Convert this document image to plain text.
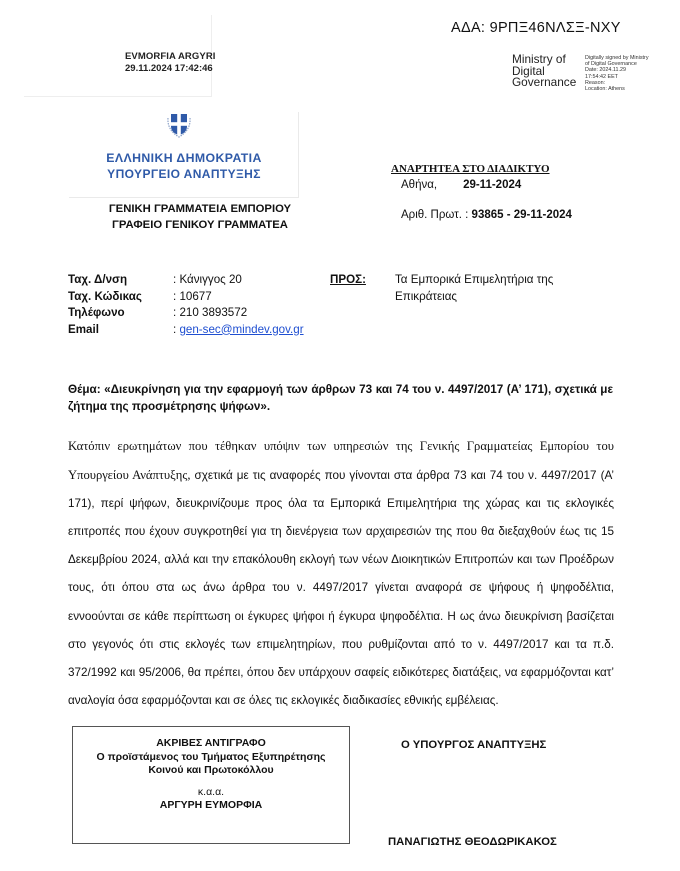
EVMORFIA ARGYRI
29.11.2024 17:42:46
ΑΔΑ: 9ΡΠΞ46ΝΛΣΞ-ΝΧΥ
Ministry of
Digital
Governance
Digitally signed by Ministry
of Digital Governance
Date: 2024.11.29
17:54:42 EET
Reason:
Location: Athens
ΕΛΛΗΝΙΚΗ ΔΗΜΟΚΡΑΤΙΑ
ΥΠΟΥΡΓΕΙΟ ΑΝΑΠΤΥΞΗΣ
ΓΕΝΙΚΗ ΓΡΑΜΜΑΤΕΙΑ ΕΜΠΟΡΙΟΥ
ΓΡΑΦΕΙΟ ΓΕΝΙΚΟΥ ΓΡΑΜΜΑΤΕΑ
ΑΝΑΡΤΗΤΕΑ ΣΤΟ ΔΙΑΔΙΚΤΥΟ
Αθήνα, 29-11-2024
Αριθ. Πρωτ. : 93865 - 29-11-2024
Ταχ. Δ/νση	: Κάνιγγος 20
Ταχ. Κώδικας	: 10677
Τηλέφωνο	: 210 3893572
Email	: gen-sec@mindev.gov.gr
ΠΡΟΣ:	Τα Εμπορικά Επιμελητήρια της Επικράτειας
Θέμα: «Διευκρίνηση για την εφαρμογή των άρθρων 73 και 74 του ν. 4497/2017 (Α’ 171), σχετικά με ζήτημα της προσμέτρησης ψήφων».
Κατόπιν ερωτημάτων που τέθηκαν υπόψιν των υπηρεσιών της Γενικής Γραμματείας Εμπορίου του Υπουργείου Ανάπτυξης, σχετικά με τις αναφορές που γίνονται στα άρθρα 73 και 74 του ν. 4497/2017 (Α’ 171), περί ψήφων, διευκρινίζουμε προς όλα τα Εμπορικά Επιμελητήρια της χώρας και τις εκλογικές επιτροπές που έχουν συγκροτηθεί για τη διενέργεια των αρχαιρεσιών της που θα διεξαχθούν έως τις 15 Δεκεμβρίου 2024, αλλά και την επακόλουθη εκλογή των νέων Διοικητικών Επιτροπών και των Προέδρων τους, ότι όπου στα ως άνω άρθρα του ν. 4497/2017 γίνεται αναφορά σε ψήφους ή ψηφοδέλτια, εννοούνται σε κάθε περίπτωση οι έγκυρες ψήφοι ή έγκυρα ψηφοδέλτια. Η ως άνω διευκρίνιση βασίζεται στο γεγονός ότι στις εκλογές των επιμελητηρίων, που ρυθμίζονται από το ν. 4497/2017 και τα π.δ. 372/1992 και 95/2006, θα πρέπει, όπου δεν υπάρχουν σαφείς ειδικότερες διατάξεις, να εφαρμόζονται κατ’ αναλογία όσα εφαρμόζονται και σε όλες τις εκλογικές διαδικασίες εθνικής εμβέλειας.
ΑΚΡΙΒΕΣ ΑΝΤΙΓΡΑΦΟ
Ο προϊστάμενος του Τμήματος Εξυπηρέτησης
Κοινού και Πρωτοκόλλου
κ.α.α.
ΑΡΓΥΡΗ ΕΥΜΟΡΦΙΑ
Ο ΥΠΟΥΡΓΟΣ ΑΝΑΠΤΥΞΗΣ
ΠΑΝΑΓΙΩΤΗΣ ΘΕΟΔΩΡΙΚΑΚΟΣ
